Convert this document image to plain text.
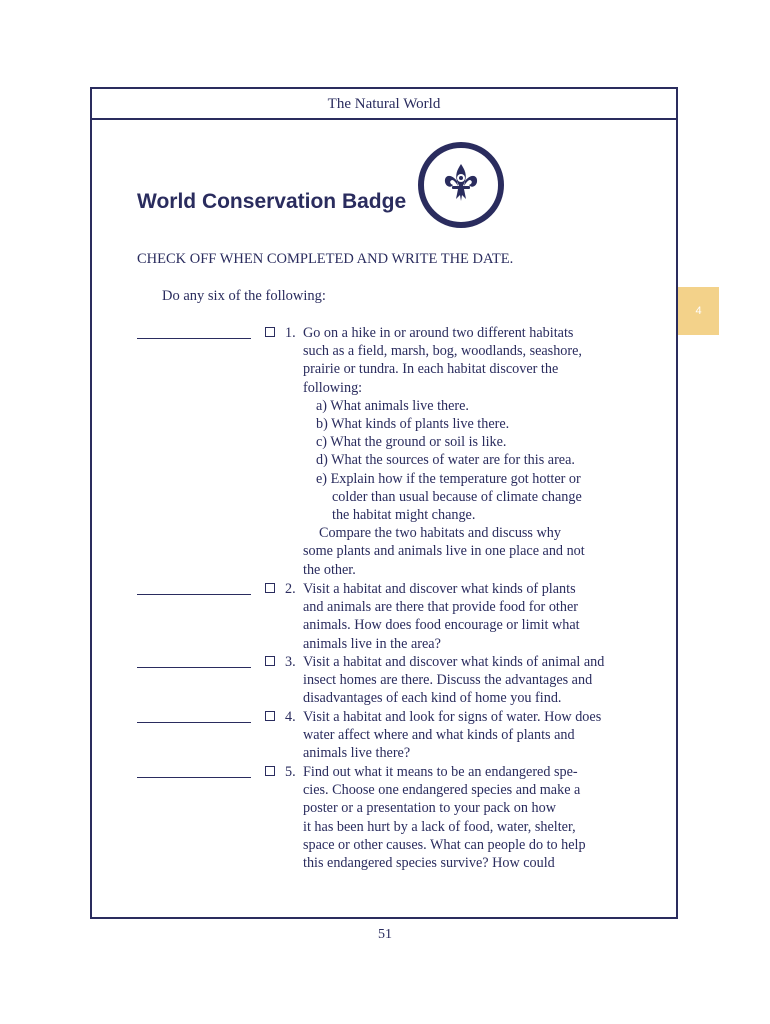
The Natural World
World Conservation Badge
CHECK OFF WHEN COMPLETED AND WRITE THE DATE.
Do any six of the following:
1. Go on a hike in or around two different habitats
such as a field, marsh, bog, woodlands, seashore,
prairie or tundra. In each habitat discover the
following:
a) What animals live there.
b) What kinds of plants live there.
c) What the ground or soil is like.
d) What the sources of water are for this area.
e) Explain how if the temperature got hotter or
colder than usual because of climate change
the habitat might change.
Compare the two habitats and discuss why
some plants and animals live in one place and not
the other.
2. Visit a habitat and discover what kinds of plants
and animals are there that provide food for other
animals. How does food encourage or limit what
animals live in the area?
3. Visit a habitat and discover what kinds of animal and
insect homes are there. Discuss the advantages and
disadvantages of each kind of home you find.
4. Visit a habitat and look for signs of water. How does
water affect where and what kinds of plants and
animals live there?
5. Find out what it means to be an endangered spe-
cies. Choose one endangered species and make a
poster or a presentation to your pack on how
it has been hurt by a lack of food, water, shelter,
space or other causes. What can people do to help
this endangered species survive? How could
4
51
